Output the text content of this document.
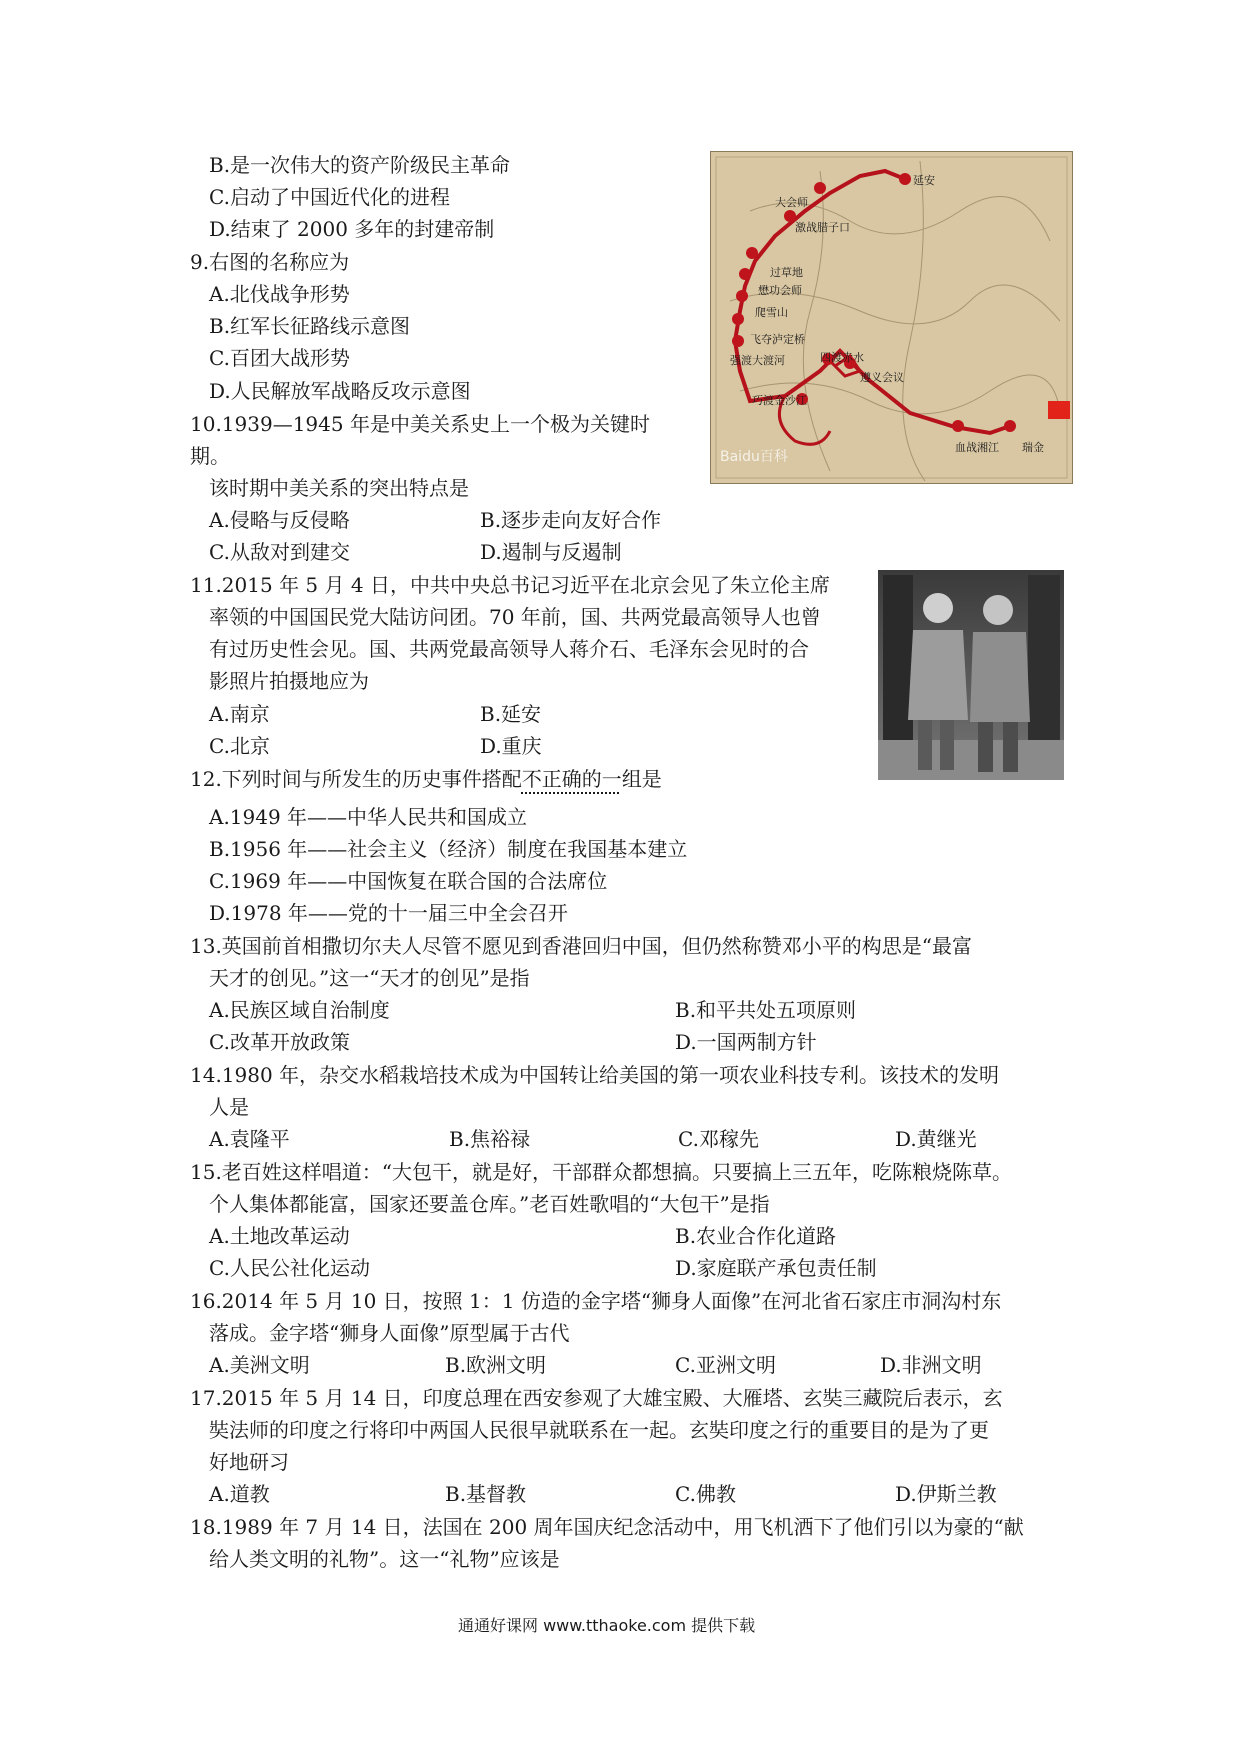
B.是一次伟大的资产阶级民主革命
C.启动了中国近代化的进程
D.结束了 2000 多年的封建帝制
9.右图的名称应为
A.北伐战争形势
B.红军长征路线示意图
C.百团大战形势
D.人民解放军战略反攻示意图
10.1939—1945 年是中美关系史上一个极为关键时
期。
该时期中美关系的突出特点是
A.侵略与反侵略	B.逐步走向友好合作
C.从敌对到建交	D.遏制与反遏制
11.2015 年 5 月 4 日，中共中央总书记习近平在北京会见了朱立伦主席
率领的中国国民党大陆访问团。70 年前，国、共两党最高领导人也曾
有过历史性会见。国、共两党最高领导人蒋介石、毛泽东会见时的合
影照片拍摄地应为
A.南京	B.延安
C.北京	D.重庆
12.下列时间与所发生的历史事件搭配不正确的一组是
A.1949 年——中华人民共和国成立
B.1956 年——社会主义（经济）制度在我国基本建立
C.1969 年——中国恢复在联合国的合法席位
D.1978 年——党的十一届三中全会召开
13.英国前首相撒切尔夫人尽管不愿见到香港回归中国，但仍然称赞邓小平的构思是“最富
天才的创见。”这一“天才的创见”是指
A.民族区域自治制度	B.和平共处五项原则
C.改革开放政策	D.一国两制方针
14.1980 年，杂交水稻栽培技术成为中国转让给美国的第一项农业科技专利。该技术的发明
人是
A.袁隆平	B.焦裕禄	C.邓稼先	D.黄继光
15.老百姓这样唱道：“大包干，就是好，干部群众都想搞。只要搞上三五年，吃陈粮烧陈草。
个人集体都能富，国家还要盖仓库。”老百姓歌唱的“大包干”是指
A.土地改革运动	B.农业合作化道路
C.人民公社化运动	D.家庭联产承包责任制
16.2014 年 5 月 10 日，按照 1：1 仿造的金字塔“狮身人面像”在河北省石家庄市洞沟村东
落成。金字塔“狮身人面像”原型属于古代
A.美洲文明	B.欧洲文明	C.亚洲文明	D.非洲文明
17.2015 年 5 月 14 日，印度总理在西安参观了大雄宝殿、大雁塔、玄奘三藏院后表示，玄
奘法师的印度之行将印中两国人民很早就联系在一起。玄奘印度之行的重要目的是为了更
好地研习
A.道教	B.基督教	C.佛教	D.伊斯兰教
18.1989 年 7 月 14 日，法国在 200 周年国庆纪念活动中，用飞机洒下了他们引以为豪的“献
给人类文明的礼物”。这一“礼物”应该是
通通好课网 www.tthaoke.com 提供下载
延安
大会师
激战腊子口
过草地
懋功会师
爬雪山
飞夺泸定桥
强渡大渡河	四渡赤水
遵义会议
巧渡金沙江
血战湘江 瑞金
Baidu百科
